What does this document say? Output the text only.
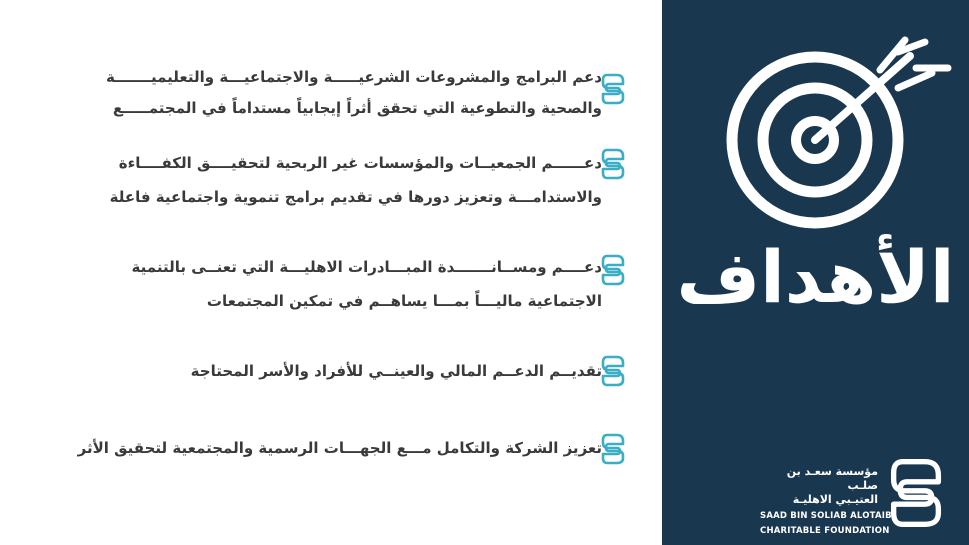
دعم البرامج والمشروعات الشرعيـــــة والاجتماعيـــة والتعليميـــــــة
والصحية والتطوعية التي تحقق أثراً إيجابياً مستداماً في المجتمـــــع
دعــــــم الجمعيــات والمؤسسات غير الربحية لتحقيــــق الكفــــاءة
والاستدامـــة وتعزيز دورها في تقديم برامج تنموية واجتماعية فاعلة
دعــــم ومســانـــــــدة المبـــادرات الاهليـــة التي تعنــى بالتنمية
الاجتماعية ماليـــاً بمـــا يساهــم في تمكين المجتمعات
تقديــم الدعــم المالي والعينــي للأفراد والأسر المحتاجة
تعزيز الشركة والتكامل مـــع الجهـــات الرسمية والمجتمعية لتحقيق الأثر
الأهداف
مؤسسة سعـد بن صلـب
العتيـبي الاهليـة
SAAD BIN SOLIAB ALOTAIBI
CHARITABLE FOUNDATION
